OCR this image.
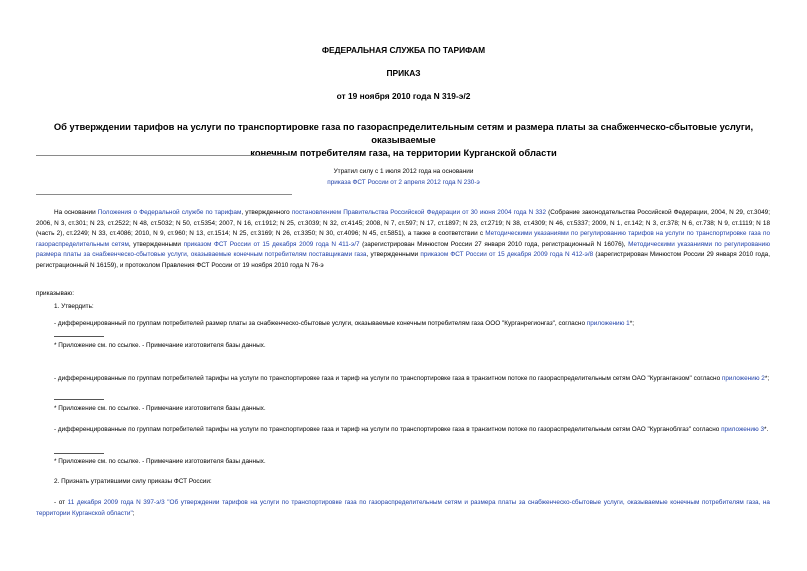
ФЕДЕРАЛЬНАЯ СЛУЖБА ПО ТАРИФАМ
ПРИКАЗ
от 19 ноября 2010 года N 319-э/2
Об утверждении тарифов на услуги по транспортировке газа по газораспределительным сетям и размера платы за снабженческо-сбытовые услуги, оказываемые
конечным потребителям газа, на территории Курганской области
Утратил силу с 1 июля 2012 года на основании
приказа ФСТ России от 2 апреля 2012 года N 230-э
На основании Положения о Федеральной службе по тарифам, утвержденного постановлением Правительства Российской Федерации от 30 июня 2004 года N 332 (Собрание законодательства Российской Федерации, 2004, N 29, ст.3049; 2006, N 3, ст.301; N 23, ст.2522; N 48, ст.5032; N 50, ст.5354; 2007, N 16, ст.1912; N 25, ст.3039; N 32, ст.4145; 2008, N 7, ст.597; N 17, ст.1897; N 23, ст.2719; N 38, ст.4309; N 46, ст.5337; 2009, N 1, ст.142; N 3, ст.378; N 6, ст.738; N 9, ст.1119; N 18 (часть 2), ст.2249; N 33, ст.4086; 2010, N 9, ст.960; N 13, ст.1514; N 25, ст.3169; N 26, ст.3350; N 30, ст.4096; N 45, ст.5851), а также в соответствии с Методическими указаниями по регулированию тарифов на услуги по транспортировке газа по газораспределительным сетям, утвержденными приказом ФСТ России от 15 декабря 2009 года N 411-э/7 (зарегистрирован Минюстом России 27 января 2010 года, регистрационный N 16076), Методическими указаниями по регулированию размера платы за снабженческо-сбытовые услуги, оказываемые конечным потребителям поставщиками газа, утвержденными приказом ФСТ России от 15 декабря 2009 года N 412-э/8 (зарегистрирован Минюстом России 29 января 2010 года, регистрационный N 16159), и протоколом Правления ФСТ России от 19 ноября 2010 года N 76-э
приказываю:
1. Утвердить:
- дифференцированный по группам потребителей размер платы за снабженческо-сбытовые услуги, оказываемые конечным потребителям газа ООО "Курганрегионгаз", согласно приложению 1*;
* Приложение см. по ссылке. - Примечание изготовителя базы данных.
- дифференцированные по группам потребителей тарифы на услуги по транспортировке газа и тариф на услуги по транспортировке газа в транзитном потоке по газораспределительным сетям ОАО "Курганганзом" согласно приложению 2*;
* Приложение см. по ссылке. - Примечание изготовителя базы данных.
- дифференцированные по группам потребителей тарифы на услуги по транспортировке газа и тариф на услуги по транспортировке газа в транзитном потоке по газораспределительным сетям ОАО "Курганоблгаз" согласно приложению 3*.
* Приложение см. по ссылке. - Примечание изготовителя базы данных.
2. Признать утратившими силу приказы ФСТ России:
- от 11 декабря 2009 года N 397-э/3 "Об утверждении тарифов на услуги по транспортировке газа по газораспределительным сетям и размера платы за снабженческо-сбытовые услуги, оказываемые конечным потребителям газа, на территории Курганской области";
